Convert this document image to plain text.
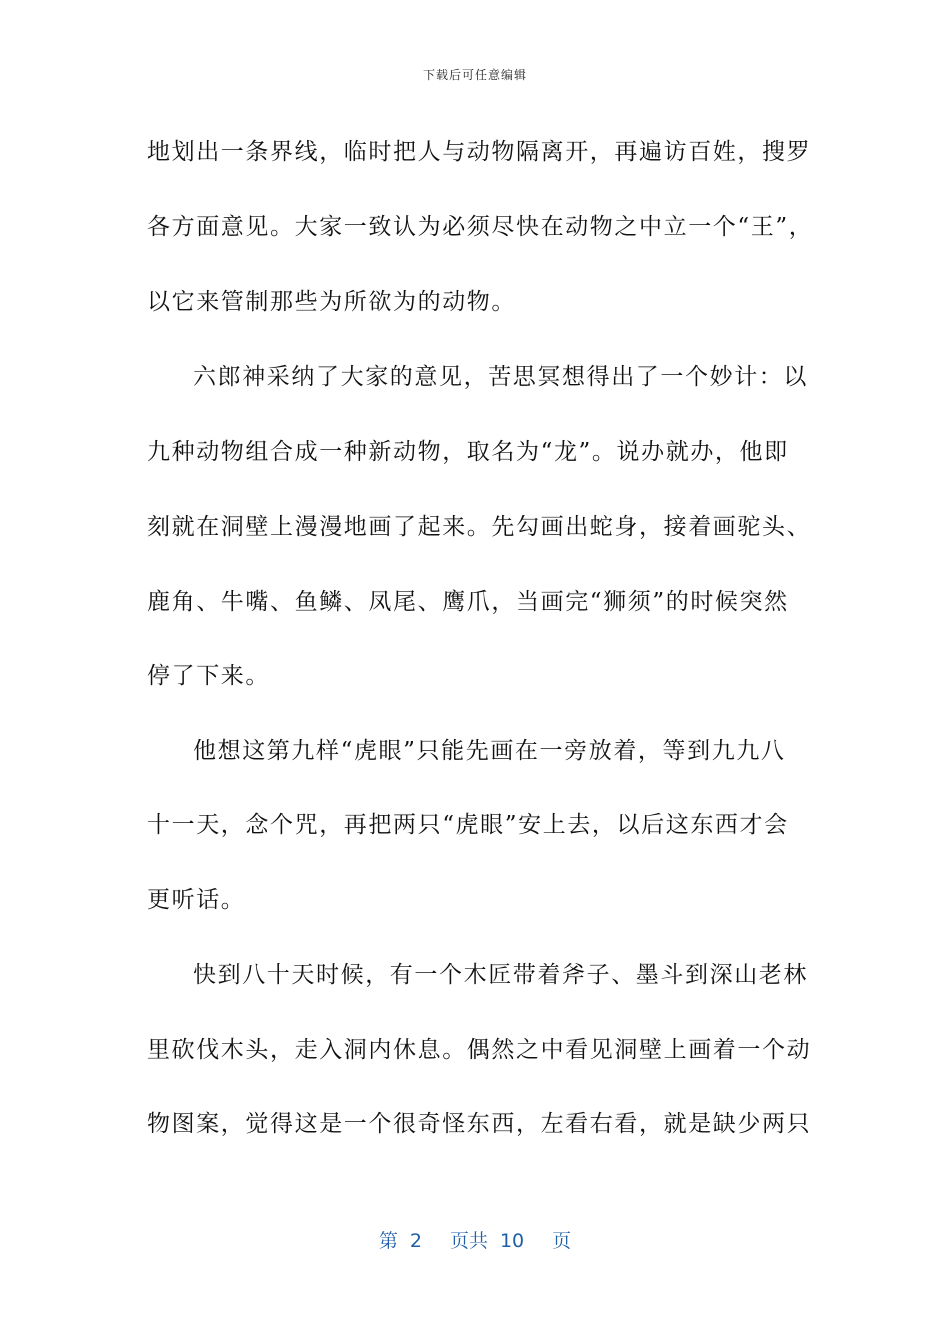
下载后可任意编辑
地划出一条界线，临时把人与动物隔离开，再遍访百姓，搜罗
各方面意见。大家一致认为必须尽快在动物之中立一个“王”，
以它来管制那些为所欲为的动物。
六郎神采纳了大家的意见，苦思冥想得出了一个妙计：以
九种动物组合成一种新动物，取名为“龙”。说办就办，他即
刻就在洞壁上漫漫地画了起来。先勾画出蛇身，接着画驼头、
鹿角、牛嘴、鱼鳞、凤尾、鹰爪，当画完“狮须”的时候突然
停了下来。
他想这第九样“虎眼”只能先画在一旁放着，等到九九八
十一天，念个咒，再把两只“虎眼”安上去，以后这东西才会
更听话。
快到八十天时候，有一个木匠带着斧子、墨斗到深山老林
里砍伐木头，走入洞内休息。偶然之中看见洞壁上画着一个动
物图案，觉得这是一个很奇怪东西，左看右看，就是缺少两只
第 2 页共 10 页
